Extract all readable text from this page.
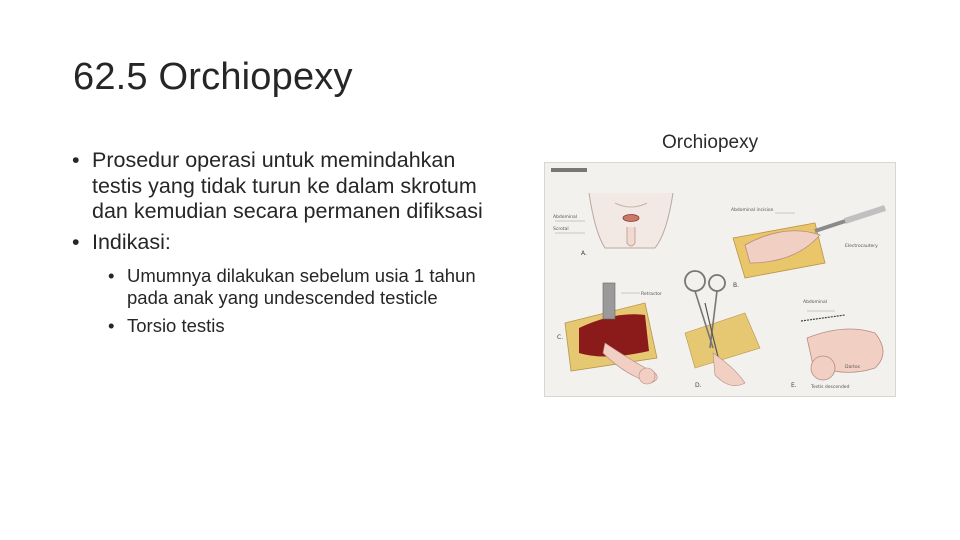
62.5 Orchiopexy
• Prosedur operasi untuk memindahkan testis yang tidak turun ke dalam skrotum dan kemudian secara permanen difiksasi
• Indikasi:
• Umumnya dilakukan sebelum usia 1 tahun pada anak yang undescended testicle
• Torsio testis
Orchiopexy
Abdominal
Scrotal
Abdominal incision
Electrocautery
Retractor
Abdominal
Dartos
Testis descended
A.
B.
C.
D.	E.
